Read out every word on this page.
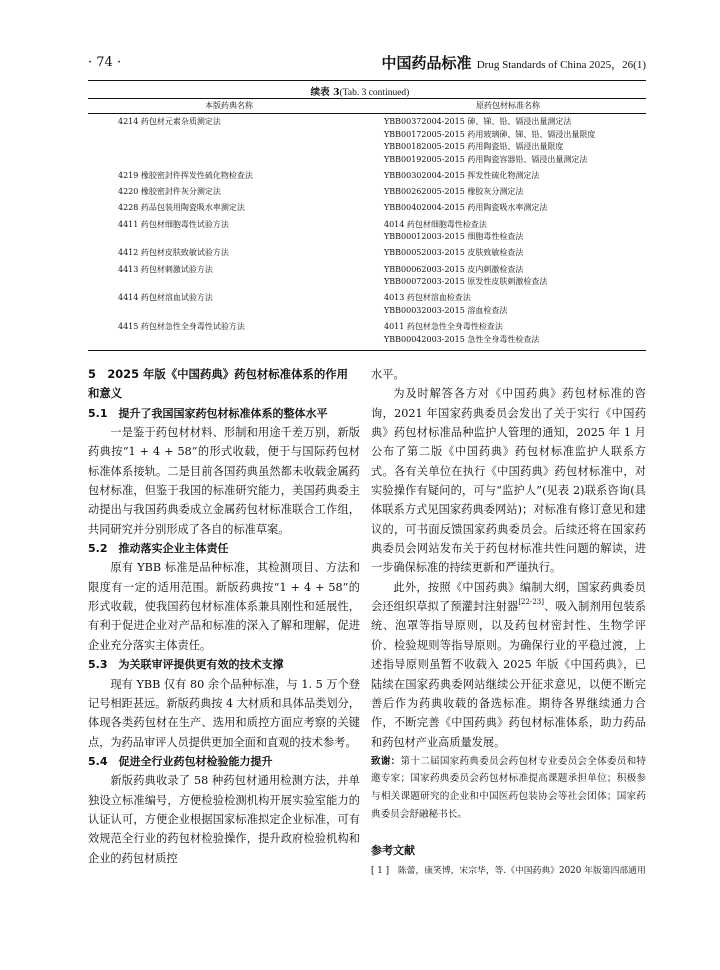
· 74 ·	中国药品标准 Drug Standards of China 2025，26(1)
续表 3(Tab. 3 continued)
本版药典名称	原药包材标准名称
4214 药包材元素杂质测定法	YBB00372004-2015 砷、锑、铅、镉浸出量测定法
YBB00172005-2015 药用玻璃砷、锑、铅、镉浸出量限度
YBB00182005-2015 药用陶瓷铅、镉浸出量限度
YBB00192005-2015 药用陶瓷容器铅、镉浸出量测定法

4219 橡胶密封件挥发性硫化物检查法	YBB00302004-2015 挥发性硫化物测定法

4220 橡胶密封件灰分测定法	YBB00262005-2015 橡胶灰分测定法

4228 药品包装用陶瓷吸水率测定法	YBB00402004-2015 药用陶瓷吸水率测定法

4411 药包材细胞毒性试验方法	4014 药包材细胞毒性检查法
YBB00012003-2015 细胞毒性检查法

4412 药包材皮肤致敏试验方法	YBB00052003-2015 皮肤致敏检查法

4413 药包材刺激试验方法	YBB00062003-2015 皮内刺激检查法
YBB00072003-2015 原发性皮肤刺激检查法

4414 药包材溶血试验方法	4013 药包材溶血检查法
YBB00032003-2015 溶血检查法

4415 药包材急性全身毒性试验方法	4011 药包材急性全身毒性检查法
YBB00042003-2015 急性全身毒性检查法
5　2025 年版《中国药典》药包材标准体系的作用
和意义
5.1　提升了我国国家药包材标准体系的整体水平
一是鉴于药包材材料、形制和用途千差万别，新版药典按“1 + 4 + 58”的形式收载，便于与国际药包材标准体系接轨。二是目前各国药典虽然都未收载金属药包材标准，但鉴于我国的标准研究能力，美国药典委主动提出与我国药典委成立金属药包材标准联合工作组，共同研究并分别形成了各自的标准草案。
5.2　推动落实企业主体责任
原有 YBB 标准是品种标准，其检测项目、方法和限度有一定的适用范围。新版药典按“1 + 4 + 58”的形式收载，使我国药包材标准体系兼具刚性和延展性，有利于促进企业对产品和标准的深入了解和理解，促进企业充分落实主体责任。
5.3　为关联审评提供更有效的技术支撑
现有 YBB 仅有 80 余个品种标准，与 1. 5 万个登记号相距甚远。新版药典按 4 大材质和具体品类划分，体现各类药包材在生产、选用和质控方面应考察的关键点，为药品审评人员提供更加全面和直观的技术参考。
5.4　促进全行业药包材检验能力提升
新版药典收录了 58 种药包材通用检测方法，并单独设立标准编号，方便检验检测机构开展实验室能力的认证认可，方便企业根据国家标准拟定企业标准，可有效规范全行业的药包材检验操作，提升政府检验机构和企业的药包材质控
水平。
为及时解答各方对《中国药典》药包材标准的咨询，2021 年国家药典委员会发出了关于实行《中国药典》药包材标准品种监护人管理的通知，2025 年 1 月公布了第二版《中国药典》药包材标准监护人联系方式。各有关单位在执行《中国药典》药包材标准中，对实验操作有疑问的，可与“监护人”(见表 2)联系咨询(具体联系方式见国家药典委网站)；对标准有修订意见和建议的，可书面反馈国家药典委员会。后续还将在国家药典委员会网站发布关于药包材标准共性问题的解读，进一步确保标准的持续更新和严谨执行。
此外，按照《中国药典》编制大纲，国家药典委员会还组织草拟了预灌封注射器[22-23]、吸入制剂用包装系统、泡罩等指导原则，以及药包材密封性、生物学评价、检验规则等指导原则。为确保行业的平稳过渡，上述指导原则虽暂不收载入 2025 年版《中国药典》，已陆续在国家药典委网站继续公开征求意见，以便不断完善后作为药典收载的备选标准。期待各界继续通力合作，不断完善《中国药典》药包材标准体系，助力药品和药包材产业高质量发展。
致谢：第十二届国家药典委员会药包材专业委员会全体委员和特邀专家；国家药典委员会药包材标准提高课题承担单位；积极参与相关课题研究的企业和中国医药包装协会等社会团体；国家药典委员会舒融秘书长。
参考文献
[ 1 ]　陈蕾，康笑博，宋宗华，等.《中国药典》2020 年版第四部通用
